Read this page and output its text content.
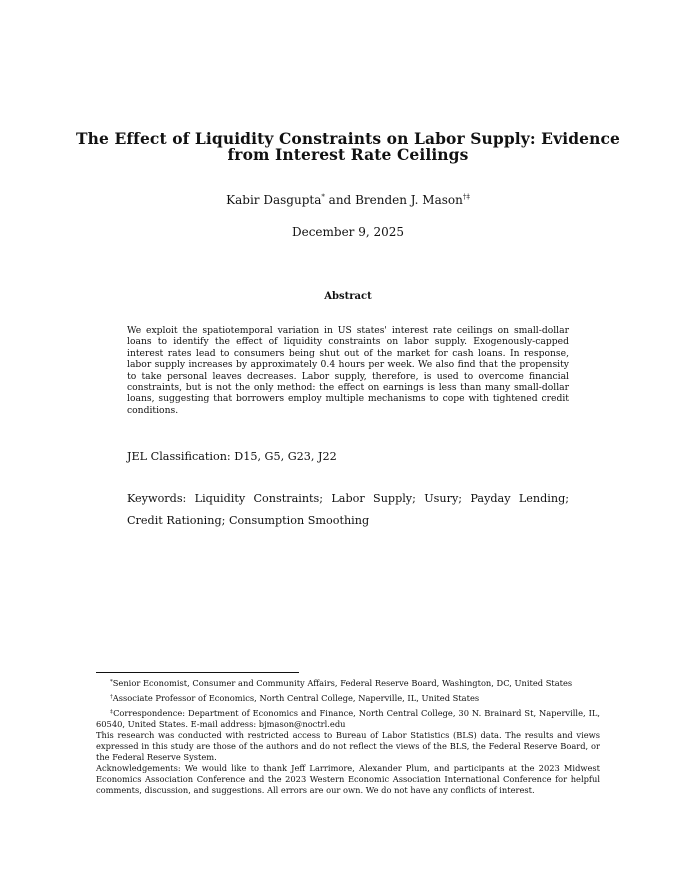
The Effect of Liquidity Constraints on Labor Supply: Evidence from Interest Rate Ceilings
Kabir Dasgupta* and Brenden J. Mason†‡
December 9, 2025
Abstract
We exploit the spatiotemporal variation in US states' interest rate ceilings on small-dollar loans to identify the effect of liquidity constraints on labor supply. Exogenously-capped interest rates lead to consumers being shut out of the market for cash loans. In response, labor supply increases by approximately 0.4 hours per week. We also find that the propensity to take personal leaves decreases. Labor supply, therefore, is used to overcome financial constraints, but is not the only method: the effect on earnings is less than many small-dollar loans, suggesting that borrowers employ multiple mechanisms to cope with tightened credit conditions.
JEL Classification: D15, G5, G23, J22
Keywords: Liquidity Constraints; Labor Supply; Usury; Payday Lending; Credit Rationing; Consumption Smoothing

*Senior Economist, Consumer and Community Affairs, Federal Reserve Board, Washington, DC, United States

†Associate Professor of Economics, North Central College, Naperville, IL, United States

‡Correspondence: Department of Economics and Finance, North Central College, 30 N. Brainard St, Naperville, IL, 60540, United States. E-mail address: bjmason@noctrl.edu

This research was conducted with restricted access to Bureau of Labor Statistics (BLS) data. The results and views expressed in this study are those of the authors and do not reflect the views of the BLS, the Federal Reserve Board, or the Federal Reserve System.

Acknowledgements: We would like to thank Jeff Larrimore, Alexander Plum, and participants at the 2023 Midwest Economics Association Conference and the 2023 Western Economic Association International Conference for helpful comments, discussion, and suggestions. All errors are our own. We do not have any conflicts of interest.
